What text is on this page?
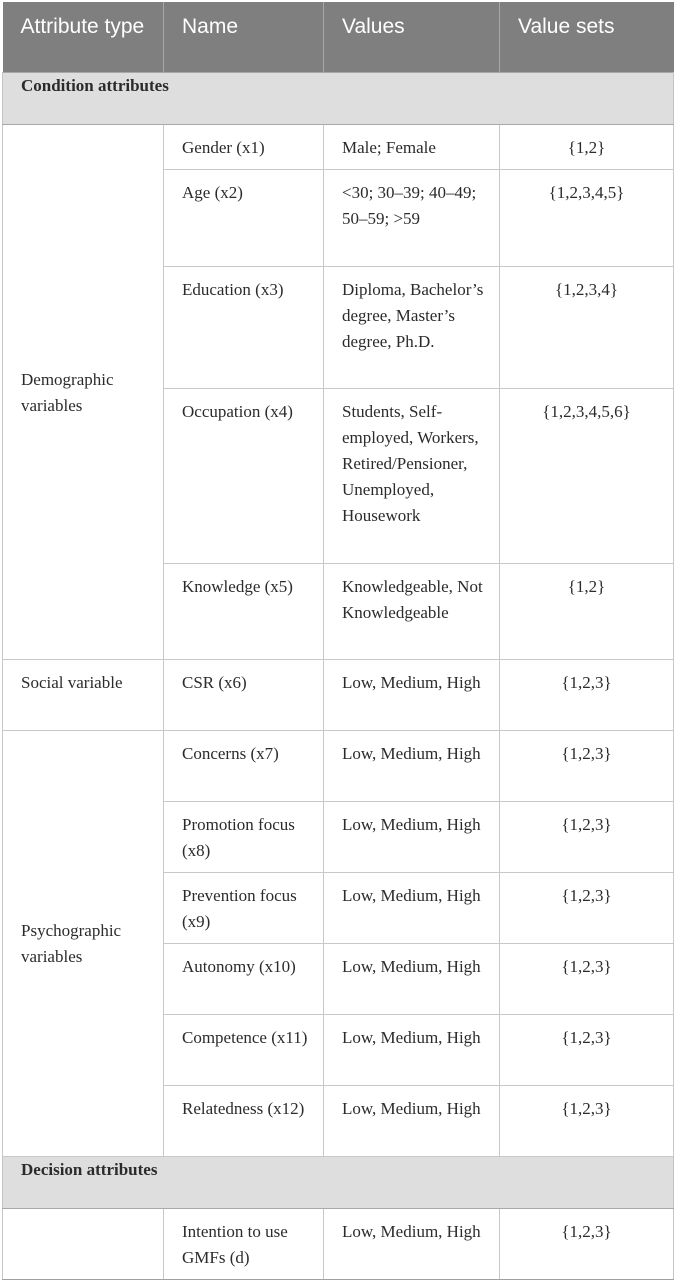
Attribute type	Name	Values	Value sets
Condition attributes			
Demographic variables	Gender (x1)	Male; Female	{1,2}
	Age (x2)	<30; 30–39; 40–49; 50–59; >59	{1,2,3,4,5}
	Education (x3)	Diploma, Bachelor’s degree, Master’s degree, Ph.D.	{1,2,3,4}
	Occupation (x4)	Students, Self-employed, Workers, Retired/Pensioner, Unemployed, Housework	{1,2,3,4,5,6}
	Knowledge (x5)	Knowledgeable, Not Knowledgeable	{1,2}
Social variable	CSR (x6)	Low, Medium, High	{1,2,3}
Psychographic variables	Concerns (x7)	Low, Medium, High	{1,2,3}
	Promotion focus (x8)	Low, Medium, High	{1,2,3}
	Prevention focus (x9)	Low, Medium, High	{1,2,3}
	Autonomy (x10)	Low, Medium, High	{1,2,3}
	Competence (x11)	Low, Medium, High	{1,2,3}
	Relatedness (x12)	Low, Medium, High	{1,2,3}
Decision attributes			
	Intention to use GMFs (d)	Low, Medium, High	{1,2,3}
